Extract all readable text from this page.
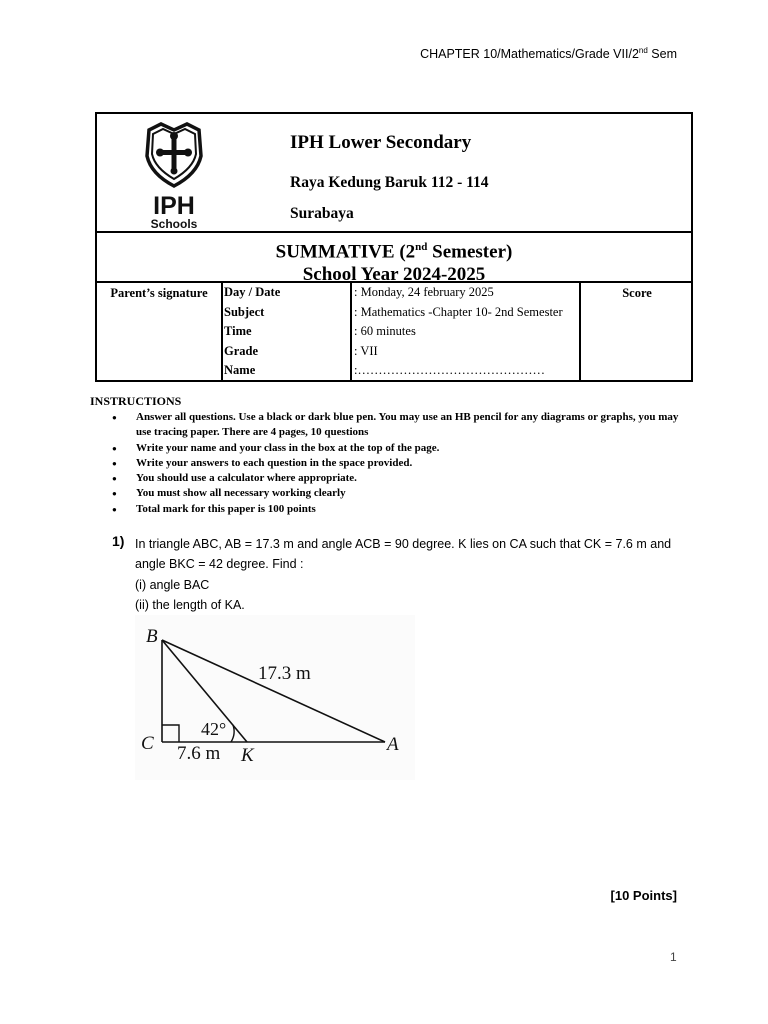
CHAPTER 10/Mathematics/Grade VII/2nd Sem
IPH
Schools
IPH Lower Secondary
Raya Kedung Baruk 112 - 114
Surabaya
SUMMATIVE (2nd Semester)
School Year 2024-2025
Parent’s signature	Day / Date
Subject
Time
Grade
Name
: Monday, 24 february 2025
: Mathematics -Chapter 10- 2nd Semester
: 60 minutes
: VII
:………………………………………
Score
INSTRUCTIONS
● Answer all questions. Use a black or dark blue pen. You may use an HB pencil for any diagrams or graphs, you may use tracing paper. There are 4 pages, 10 questions
● Write your name and your class in the box at the top of the page.
● Write your answers to each question in the space provided.
● You should use a calculator where appropriate.
● You must show all necessary working clearly
● Total mark for this paper is 100 points
1) In triangle ABC, AB = 17.3 m and angle ACB = 90 degree. K lies on CA such that CK = 7.6 m and
angle BKC = 42 degree. Find :
(i) angle BAC
(ii) the length of KA.
B
C	A
K
17.3 m
7.6 m
42°
[10 Points]
1
